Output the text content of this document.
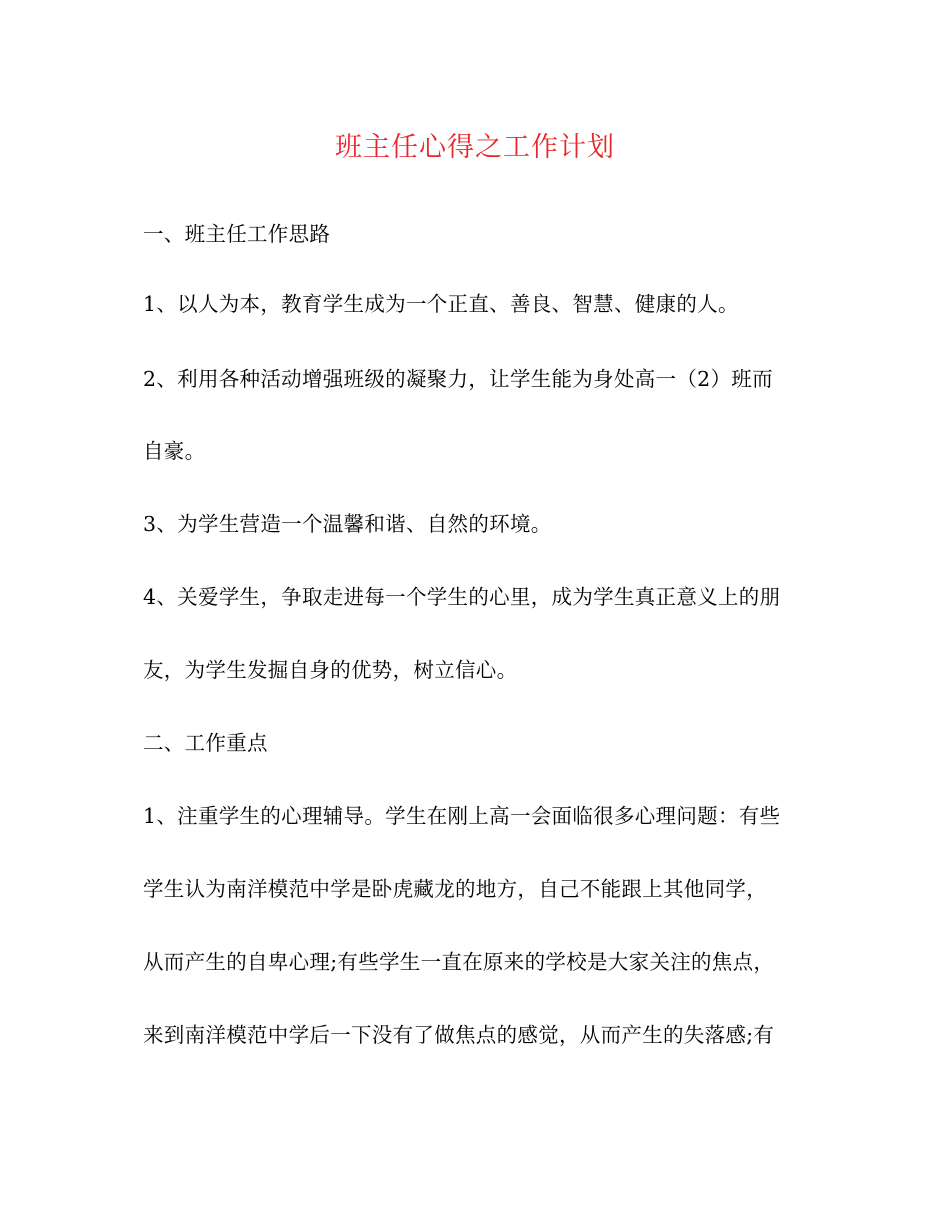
班主任心得之工作计划
一、班主任工作思路
1、以人为本，教育学生成为一个正直、善良、智慧、健康的人。
2、利用各种活动增强班级的凝聚力，让学生能为身处高一（2）班而
自豪。
3、为学生营造一个温馨和谐、自然的环境。
4、关爱学生，争取走进每一个学生的心里，成为学生真正意义上的朋
友，为学生发掘自身的优势，树立信心。
二、工作重点
1、注重学生的心理辅导。学生在刚上高一会面临很多心理问题：有些
学生认为南洋模范中学是卧虎藏龙的地方，自己不能跟上其他同学，
从而产生的自卑心理;有些学生一直在原来的学校是大家关注的焦点，
来到南洋模范中学后一下没有了做焦点的感觉，从而产生的失落感;有
